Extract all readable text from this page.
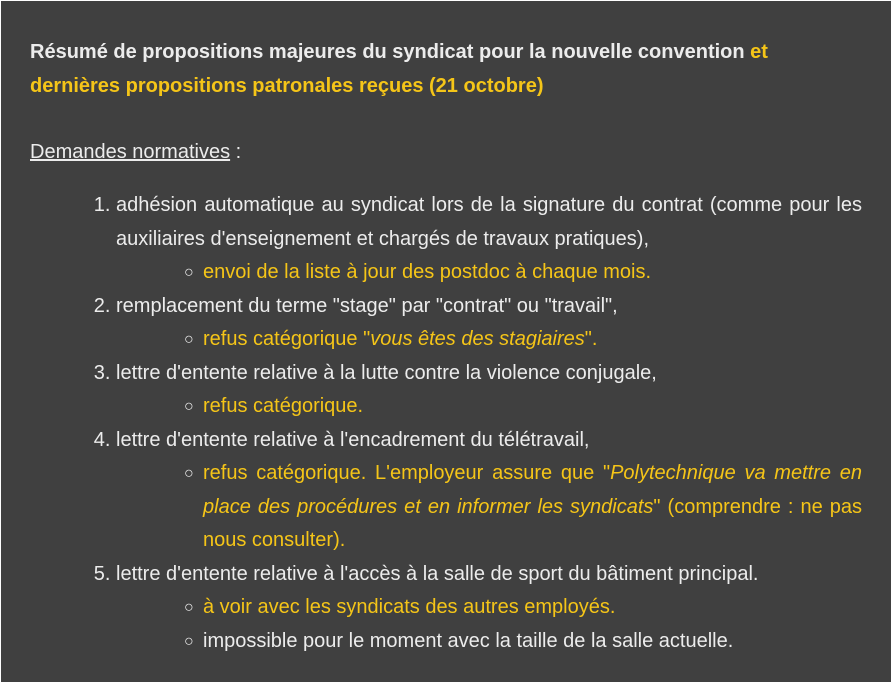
Résumé de propositions majeures du syndicat pour la nouvelle convention et dernières propositions patronales reçues (21 octobre)

Demandes normatives :

1. adhésion automatique au syndicat lors de la signature du contrat (comme pour les auxiliaires d'enseignement et chargés de travaux pratiques),
○ envoi de la liste à jour des postdoc à chaque mois.
2. remplacement du terme "stage" par "contrat" ou "travail",
○ refus catégorique "vous êtes des stagiaires".
3. lettre d'entente relative à la lutte contre la violence conjugale,
○ refus catégorique.
4. lettre d'entente relative à l'encadrement du télétravail,
○ refus catégorique. L'employeur assure que "Polytechnique va mettre en place des procédures et en informer les syndicats" (comprendre : ne pas nous consulter).
5. lettre d'entente relative à l'accès à la salle de sport du bâtiment principal.
○ à voir avec les syndicats des autres employés.
○ impossible pour le moment avec la taille de la salle actuelle.
